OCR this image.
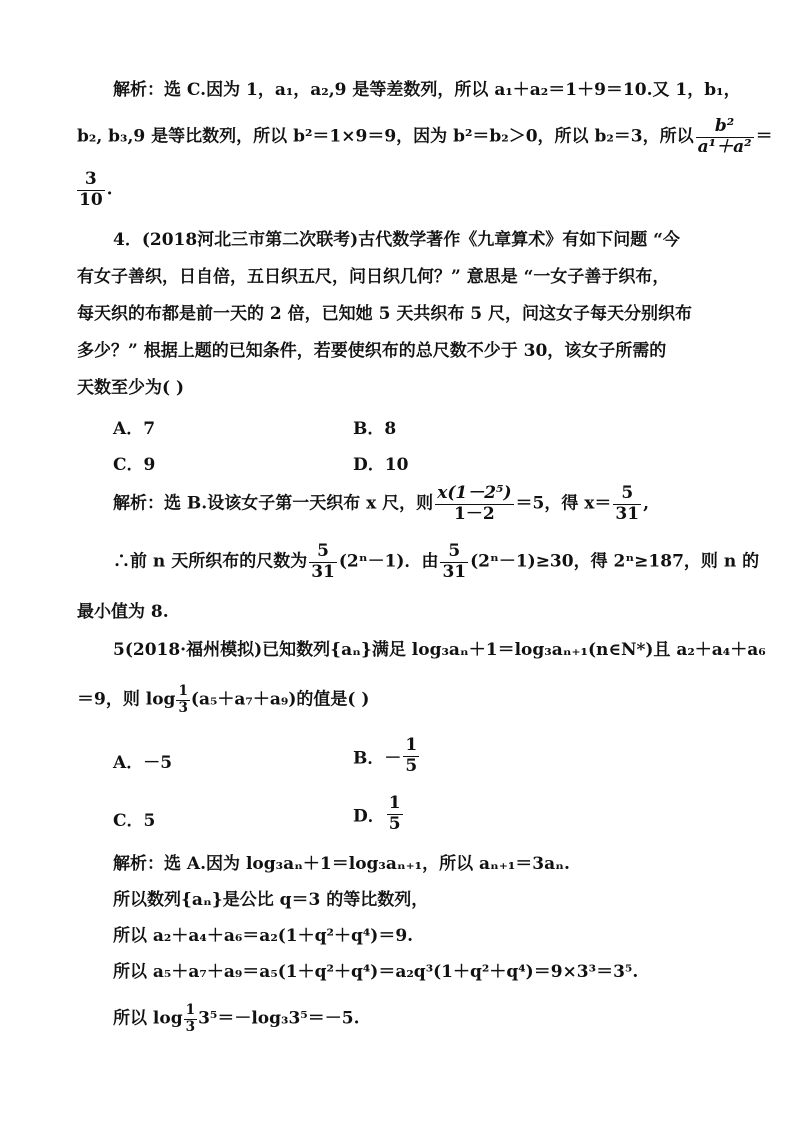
解析：选 C.因为 1，a₁，a₂,9 是等差数列，所以 a₁＋a₂＝1＋9＝10.又 1，b₁，
b₂, b₃,9 是等比数列，所以 b²＝1×9＝9，因为 b²＝b₂＞0，所以 b₂＝3，所以 $\frac{\text{b²}}{\text{a¹＋a²}}$ ＝
$\frac{3}{10}$ .
4．(2018河北三市第二次联考)古代数学著作《九章算术》有如下问题 “今
有女子善织，日自倍，五日织五尺，问日织几何？” 意思是 “一女子善于织布，
每天织的布都是前一天的 2 倍，已知她 5 天共织布 5 尺，问这女子每天分别织布
多少？” 根据上题的已知条件，若要使织布的总尺数不少于 30，该女子所需的
天数至少为( )
A．7	B．8
C．9	D．10
解析：选 B.设该女子第一天织布 x 尺，则 $\frac{\text{x(1－2⁵)}}{1-2} =5$，得 $x= \frac{5}{31}$ ,
∴前 n 天所织布的尺数为 $\frac{5}{31} (2^n-1)$．由 $\frac{5}{31} (2^n-1)\ge 30$，得 2ⁿ≥187，则 n 的
最小值为 8.
5(2018·福州模拟)已知数列{aₙ}满足 log₃aₙ＋1＝log₃aₙ₊₁(n∈N*)且 a₂＋a₄＋a₆
＝9，则 $\log \frac{1}{3} (a_5+a_7+a_9)$的值是( )
A．－5	B．－ $\frac{1}{5}$
C．5	D． $\frac{1}{5}$
解析：选 A.因为 log₃aₙ＋1＝log₃aₙ₊₁，所以 aₙ₊₁＝3aₙ.
所以数列{aₙ}是公比 q＝3 的等比数列，
所以 a₂＋a₄＋a₆＝a₂(1＋q²＋q⁴)＝9.
所以 a₅＋a₇＋a₉＝a₅(1＋q²＋q⁴)＝a₂q³(1＋q²＋q⁴)＝9×3³＝3⁵.
所以 $\log \frac{1}{3} 3^5=-\log_33^5=-5$.
